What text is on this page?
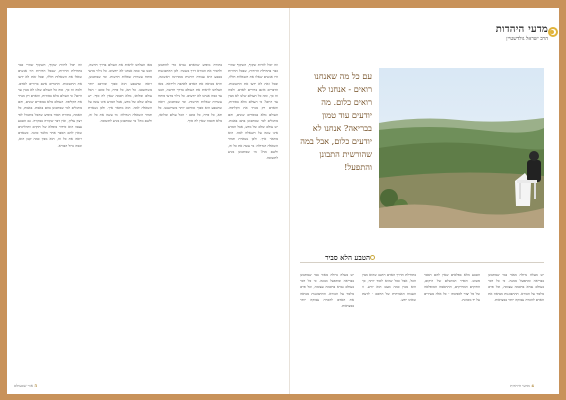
וזה יכול להיות שקוף, השקוף שהרי כבר בתחילת הדורות, שבכל הדורות היו אנשים שאלו את השאלות הללו, ובכל זאת לא ידעו את התשובות. הדברים אינם ברורים לאדם. ולמה זה כך, ומה כל העולם שלנו לא מבין עד היום? כי העולם מלא בסודות, והאדם רק מגרד את הקליפה. העולם מלא במסרים שונים, והם מתגלים למי שמתבונן בהם באמת. באמת, כל האמת, בתורת הסוד מופיע שהכל מתנהל לפי רצון עליון, ואין דבר שקורה במקרה. גם הטבע עצמו הוא סידור מופלא של חוקים ותהליכים שאין להם הסבר אחר מלבד כוונה. כשאדם רואה את כל זה, הוא מבין כמה קטן הוא, וכמה גדול הבורא.
מאז הצלחנו לראות את העולם בדרך חדשה, הבנו עד כמה אנחנו לא יודעים. כל גילוי מדעי פותח עשרות שאלות חדשות. ומי שמתבונן, רואה שהטבע הוא סבוך ומורכב יותר משחשבנו. כל תא, כל פרח, כל כוכב - הכל עולם ומלואו, מלא חכמה שאין לה סוף. יש עולם שלם של מדע, אבל המדע אינו עונה על השאלה למה. הוא מתאר איך. ולכן נשארת תמיד השאלה הגדולה: מי עשה את כל זה, ולשם מה? מי שמתבונן מגיע לתשובה.
בתורה מופיע שהאדם נברא כדי להתבונן ולהכיר את הבורא דרך מעשיו. לכן ההתבוננות בטבע היא עבודה רוחנית ממדרגה ראשונה, והיא מביאה את האדם לאהבה וליראה. מאז הצלחנו לראות את העולם בדרך חדשה, הבנו עד כמה אנחנו לא יודעים. כל גילוי מדעי פותח עשרות שאלות חדשות. ומי שמתבונן, רואה שהטבע הוא סבוך ומורכב יותר משחשבנו. כל תא, כל פרח, כל כוכב - הכל עולם ומלואו, מלא חכמה שאין לה סוף.
וזה יכול להיות שקוף, השקוף שהרי כבר בתחילת הדורות, שבכל הדורות היו אנשים שאלו את השאלות הללו, ובכל זאת לא ידעו את התשובות. הדברים אינם ברורים לאדם. ולמה זה כך, ומה כל העולם שלנו לא מבין עד היום? כי העולם מלא בסודות, והאדם רק מגרד את הקליפה. העולם מלא במסרים שונים, והם מתגלים למי שמתבונן בהם באמת. יש עולם שלם של מדע, אבל המדע אינו עונה על השאלה למה. הוא מתאר איך. ולכן נשארת תמיד השאלה הגדולה: מי עשה את כל זה, ולשם מה? מי שמתבונן מגיע לתשובה.
מדעי היהדות
הרב ישראל גולדשטיין
עם כל מה שאנחנו רואים - אנחנו לא רואים כלום. מה יודעים עוד טמון בבריאה? אנחנו לא יודעים כלום, אבל במה שהורשית התבונן והתפעל!
הטבע הלא סביר
יש מעלה גדולה מאוד במי שמתבונן בבריאה ומתפעל ממנה. כי כל דבר בעולם נברא בחכמה עצומה, וכל פרט מלמד על הבורא. ההתבוננות מביאה את האדם להכרה עמוקה יותר במציאות.
בתחילת הדרך האדם חושב שהוא מבין הכל, אבל ככל שהוא לומד יותר, כך הוא מבין כמה מעט הוא יודע. זו הענווה האמיתית של החכם - לדעת שאינו יודע.
הטבע מלא בפלאים שאין להם הסבר פשוט. הסדר המושלם של היקום, החוקים המדויקים, ההתאמה המופלאה של כל יצור לסביבתו - כל אלה מעידים על יד מכוונת.
יש מעלה גדולה מאוד במי שמתבונן בבריאה ומתפעל ממנה. כי כל דבר בעולם נברא בחכמה עצומה, וכל פרט מלמד על הבורא. ההתבוננות מביאה את האדם להכרה עמוקה יותר במציאות.
5 אור שבעולם	4 מדעי היהדות
